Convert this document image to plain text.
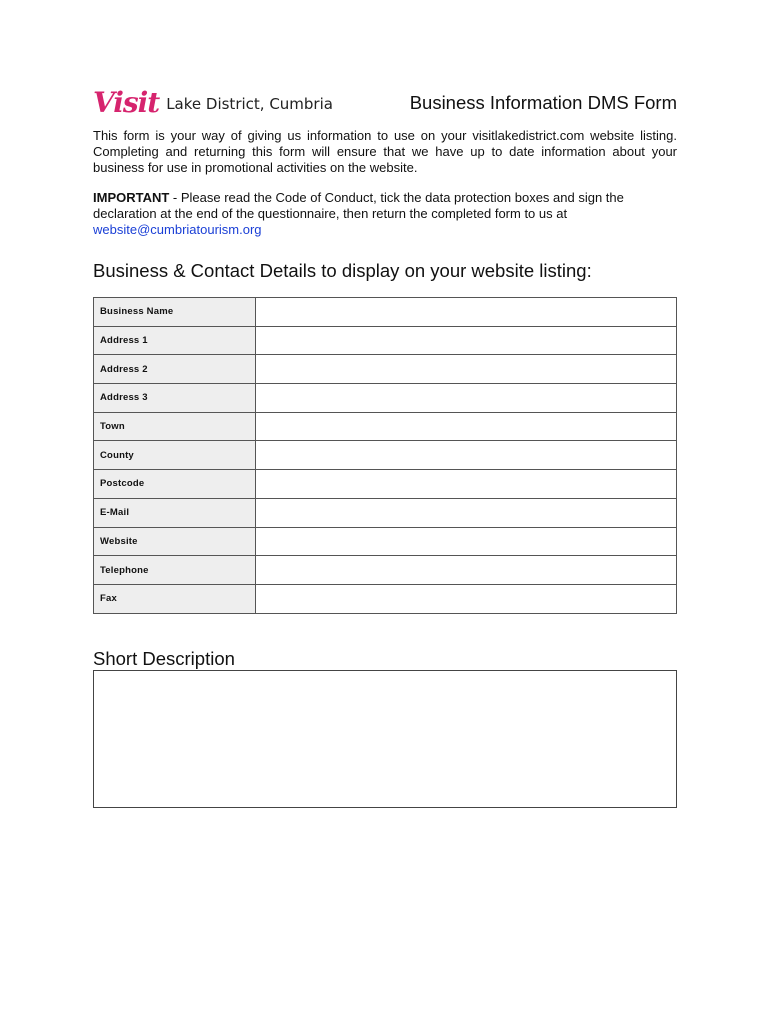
Visit Lake District, Cumbria	Business Information DMS Form
This form is your way of giving us information to use on your visitlakedistrict.com website listing. Completing and returning this form will ensure that we have up to date information about your business for use in promotional activities on the website.
IMPORTANT - Please read the Code of Conduct, tick the data protection boxes and sign the declaration at the end of the questionnaire, then return the completed form to us at
website@cumbriatourism.org
Business & Contact Details to display on your website listing:
Business Name	
Address 1	
Address 2	
Address 3	
Town	
County	
Postcode	
E-Mail	
Website	
Telephone	
Fax	
Short Description
